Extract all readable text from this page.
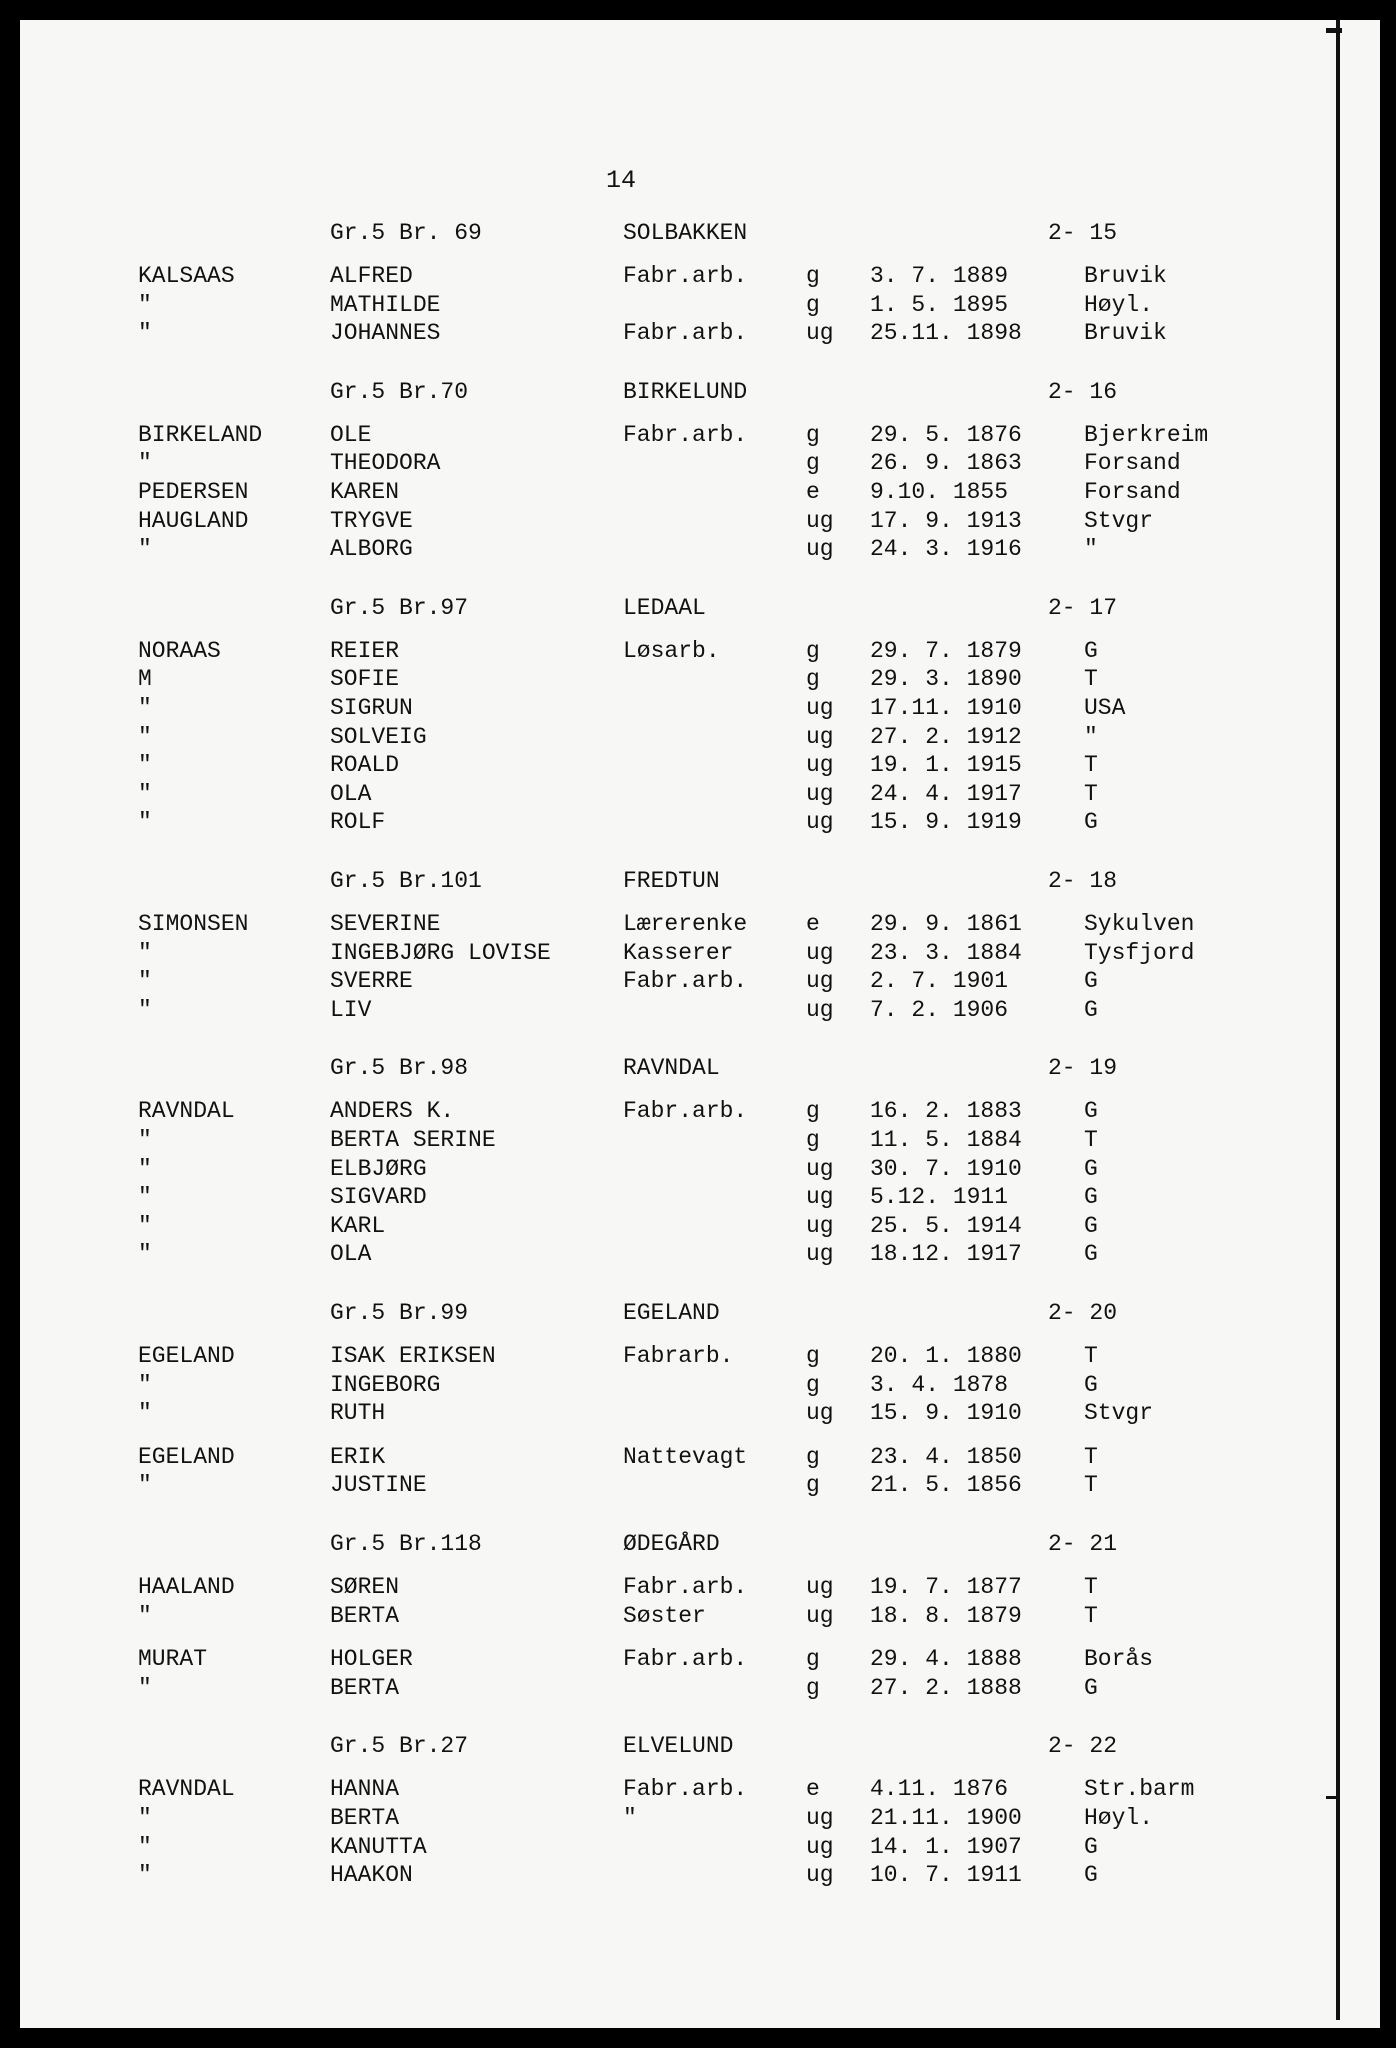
14
Gr.5 Br. 69	SOLBAKKEN	2- 15
KALSAAS	ALFRED	Fabr.arb.	g 3. 7. 1889	Bruvik
"	MATHILDE	g 1. 5. 1895	Høyl.
"	JOHANNES	Fabr.arb.	ug 25.11. 1898	Bruvik
Gr.5 Br.70	BIRKELUND	2- 16
BIRKELAND	OLE	Fabr.arb.	g 29. 5. 1876	Bjerkreim
"	THEODORA	g 26. 9. 1863	Forsand
PEDERSEN	KAREN	e 9.10. 1855	Forsand
HAUGLAND	TRYGVE	ug 17. 9. 1913	Stvgr
"	ALBORG	ug 24. 3. 1916	"
Gr.5 Br.97	LEDAAL	2- 17
NORAAS	REIER	Løsarb.	g 29. 7. 1879	G
M	SOFIE	g 29. 3. 1890	T
"	SIGRUN	ug 17.11. 1910	USA
"	SOLVEIG	ug 27. 2. 1912	"
"	ROALD	ug 19. 1. 1915	T
"	OLA	ug 24. 4. 1917	T
"	ROLF	ug 15. 9. 1919	G
Gr.5 Br.101	FREDTUN	2- 18
SIMONSEN	SEVERINE	Lærerenke	e 29. 9. 1861	Sykulven
"	INGEBJØRG LOVISE	Kasserer	ug 23. 3. 1884	Tysfjord
"	SVERRE	Fabr.arb.	ug 2. 7. 1901	G
"	LIV	ug 7. 2. 1906	G
Gr.5 Br.98	RAVNDAL	2- 19
RAVNDAL	ANDERS K.	Fabr.arb.	g 16. 2. 1883	G
"	BERTA SERINE	g 11. 5. 1884	T
"	ELBJØRG	ug 30. 7. 1910	G
"	SIGVARD	ug 5.12. 1911	G
"	KARL	ug 25. 5. 1914	G
"	OLA	ug 18.12. 1917	G
Gr.5 Br.99	EGELAND	2- 20
EGELAND	ISAK ERIKSEN	Fabrarb.	g 20. 1. 1880	T
"	INGEBORG	g 3. 4. 1878	G
"	RUTH	ug 15. 9. 1910	Stvgr
EGELAND	ERIK	Nattevagt	g 23. 4. 1850	T
"	JUSTINE	g 21. 5. 1856	T
Gr.5 Br.118	ØDEGÅRD	2- 21
HAALAND	SØREN	Fabr.arb.	ug 19. 7. 1877	T
"	BERTA	Søster	ug 18. 8. 1879	T
MURAT	HOLGER	Fabr.arb.	g 29. 4. 1888	Borås
"	BERTA	g 27. 2. 1888	G
Gr.5 Br.27	ELVELUND	2- 22
RAVNDAL	HANNA	Fabr.arb.	e 4.11. 1876	Str.barm
"	BERTA	"	ug 21.11. 1900	Høyl.
"	KANUTTA	ug 14. 1. 1907	G
"	HAAKON	ug 10. 7. 1911	G
